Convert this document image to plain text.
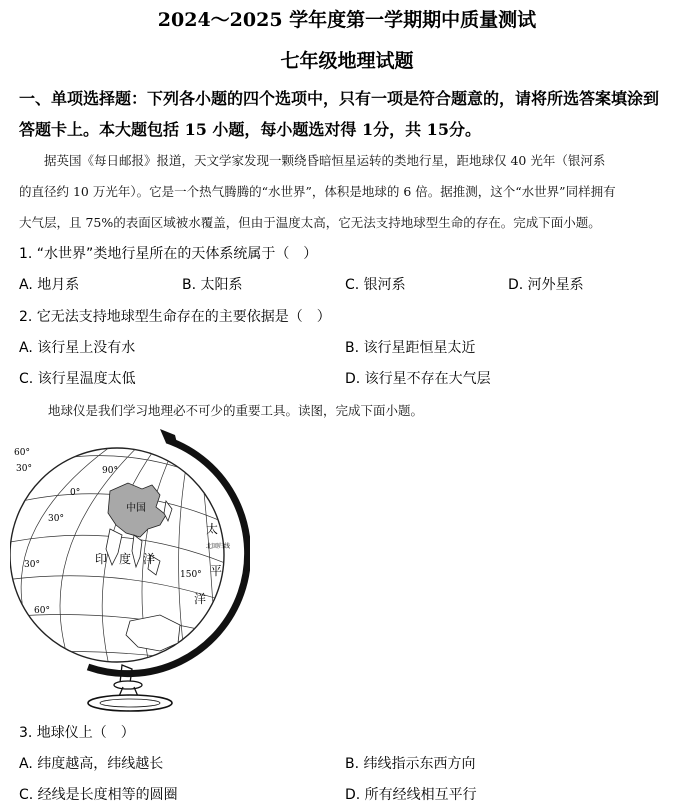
2024～2025 学年度第一学期期中质量测试
七年级地理试题
一、单项选择题：下列各小题的四个选项中，只有一项是符合题意的，请将所选答案填涂到
答题卡上。本大题包括 15 小题，每小题选对得 1分，共 15分。
据英国《每日邮报》报道，天文学家发现一颗绕昏暗恒星运转的类地行星，距地球仅 40 光年（银河系
的直径约 10 万光年）。它是一个热气腾腾的“水世界”，体积是地球的 6 倍。据推测，这个“水世界”同样拥有
大气层，且 75%的表面区域被水覆盖，但由于温度太高，它无法支持地球型生命的存在。完成下面小题。
1. “水世界”类地行星所在的天体系统属于（　）
A. 地月系	B. 太阳系	C. 银河系	D. 河外星系
2. 它无法支持地球型生命存在的主要依据是（　）
A. 该行星上没有水	B. 该行星距恒星太近
C. 该行星温度太低	D. 该行星不存在大气层
地球仪是我们学习地理必不可少的重要工具。读图，完成下面小题。
中国
印　度　洋
太
平
洋
北回归线
30°
30°
30°
60°
60°
90°
150°
0°
3. 地球仪上（　）
A. 纬度越高，纬线越长	B. 纬线指示东西方向
C. 经线是长度相等的圆圈	D. 所有经线相互平行
